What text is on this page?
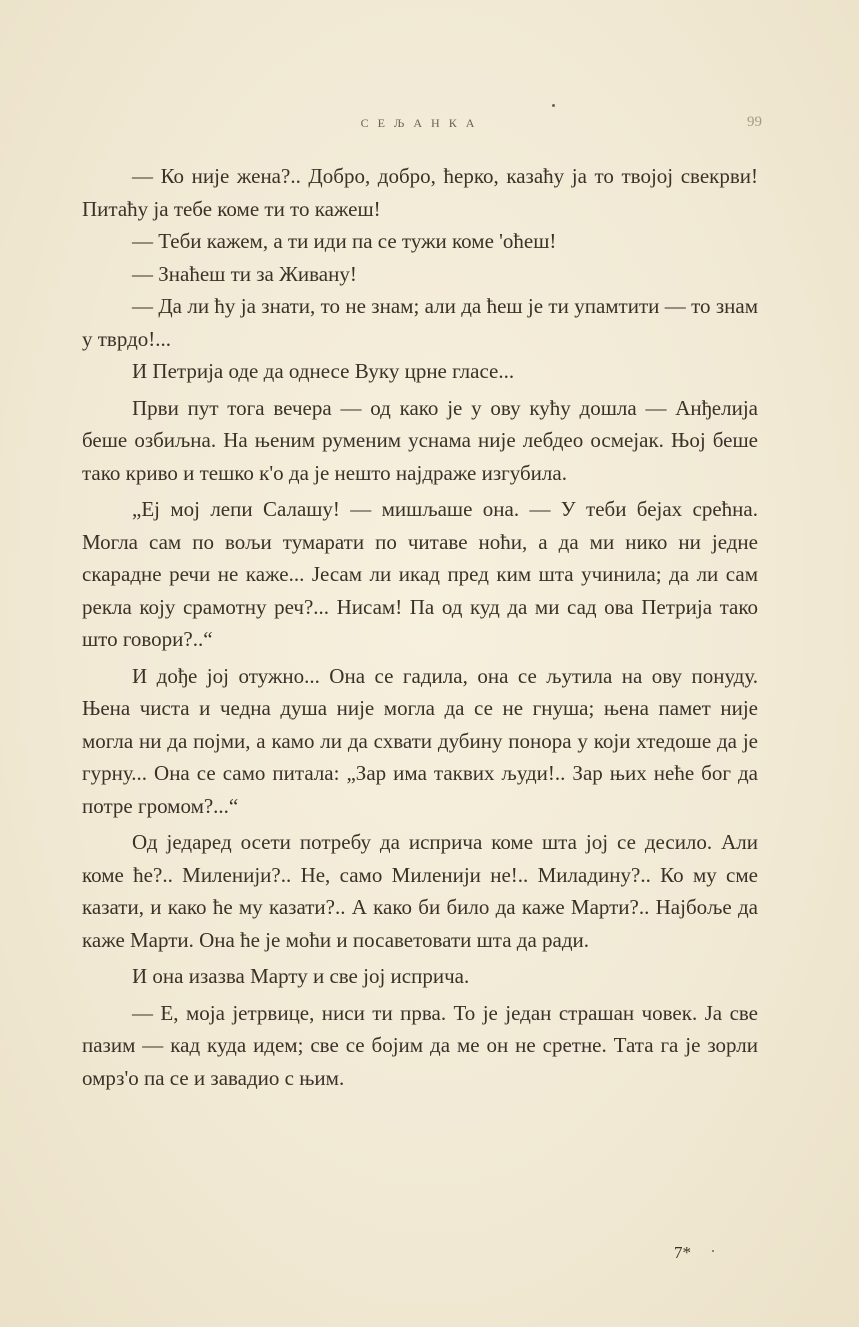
СЕЉАНКА	99

— Ко није жена?.. Добро, добро, ћерко, казаћу ја то твојој свекрви! Питаћу ја тебе коме ти то кажеш!

— Теби кажем, а ти иди па се тужи коме 'оћеш!

— Знаћеш ти за Живану!

— Да ли ћу ја знати, то не знам; али да ћеш је ти упамтити — то знам у тврдо!...

И Петрија оде да однесе Вуку црне гласе...

Први пут тога вечера — од како је у ову кућу дошла — Анђелија беше озбиљна. На њеним руменим уснама није лебдео осмејак. Њој беше тако криво и тешко к'о да је нешто најдраже изгубила.

„Еј мој лепи Салашу! — мишљаше она. — У теби бејах срећна. Могла сам по вољи тумарати по читаве ноћи, а да ми нико ни једне скарадне речи не каже... Јесам ли икад пред ким шта учинила; да ли сам рекла коју срамотну реч?... Нисам! Па од куд да ми сад ова Петрија тако што говори?..“

И дође јој отужно... Она се гадила, она се љутила на ову понуду. Њена чиста и чедна душа није могла да се не гнуша; њена памет није могла ни да појми, а камо ли да схвати дубину понора у који хтедоше да је гурну... Она се само питала: „Зар има таквих људи!.. Зар њих неће бог да потре громом?...“

Од једаред осети потребу да исприча коме шта јој се десило. Али коме ће?.. Миленији?.. Не, само Миленији не!.. Миладину?.. Ко му сме казати, и како ће му казати?.. А како би било да каже Марти?.. Најбоље да каже Марти. Она ће је моћи и посаветовати шта да ради.

И она изазва Марту и све јој исприча.

— Е, моја јетрвице, ниси ти прва. То је један страшан човек. Ја све пазим — кад куда идем; све се бојим да ме он не сретне. Тата га је зорли омрз'о па се и завадио с њим.

7*
